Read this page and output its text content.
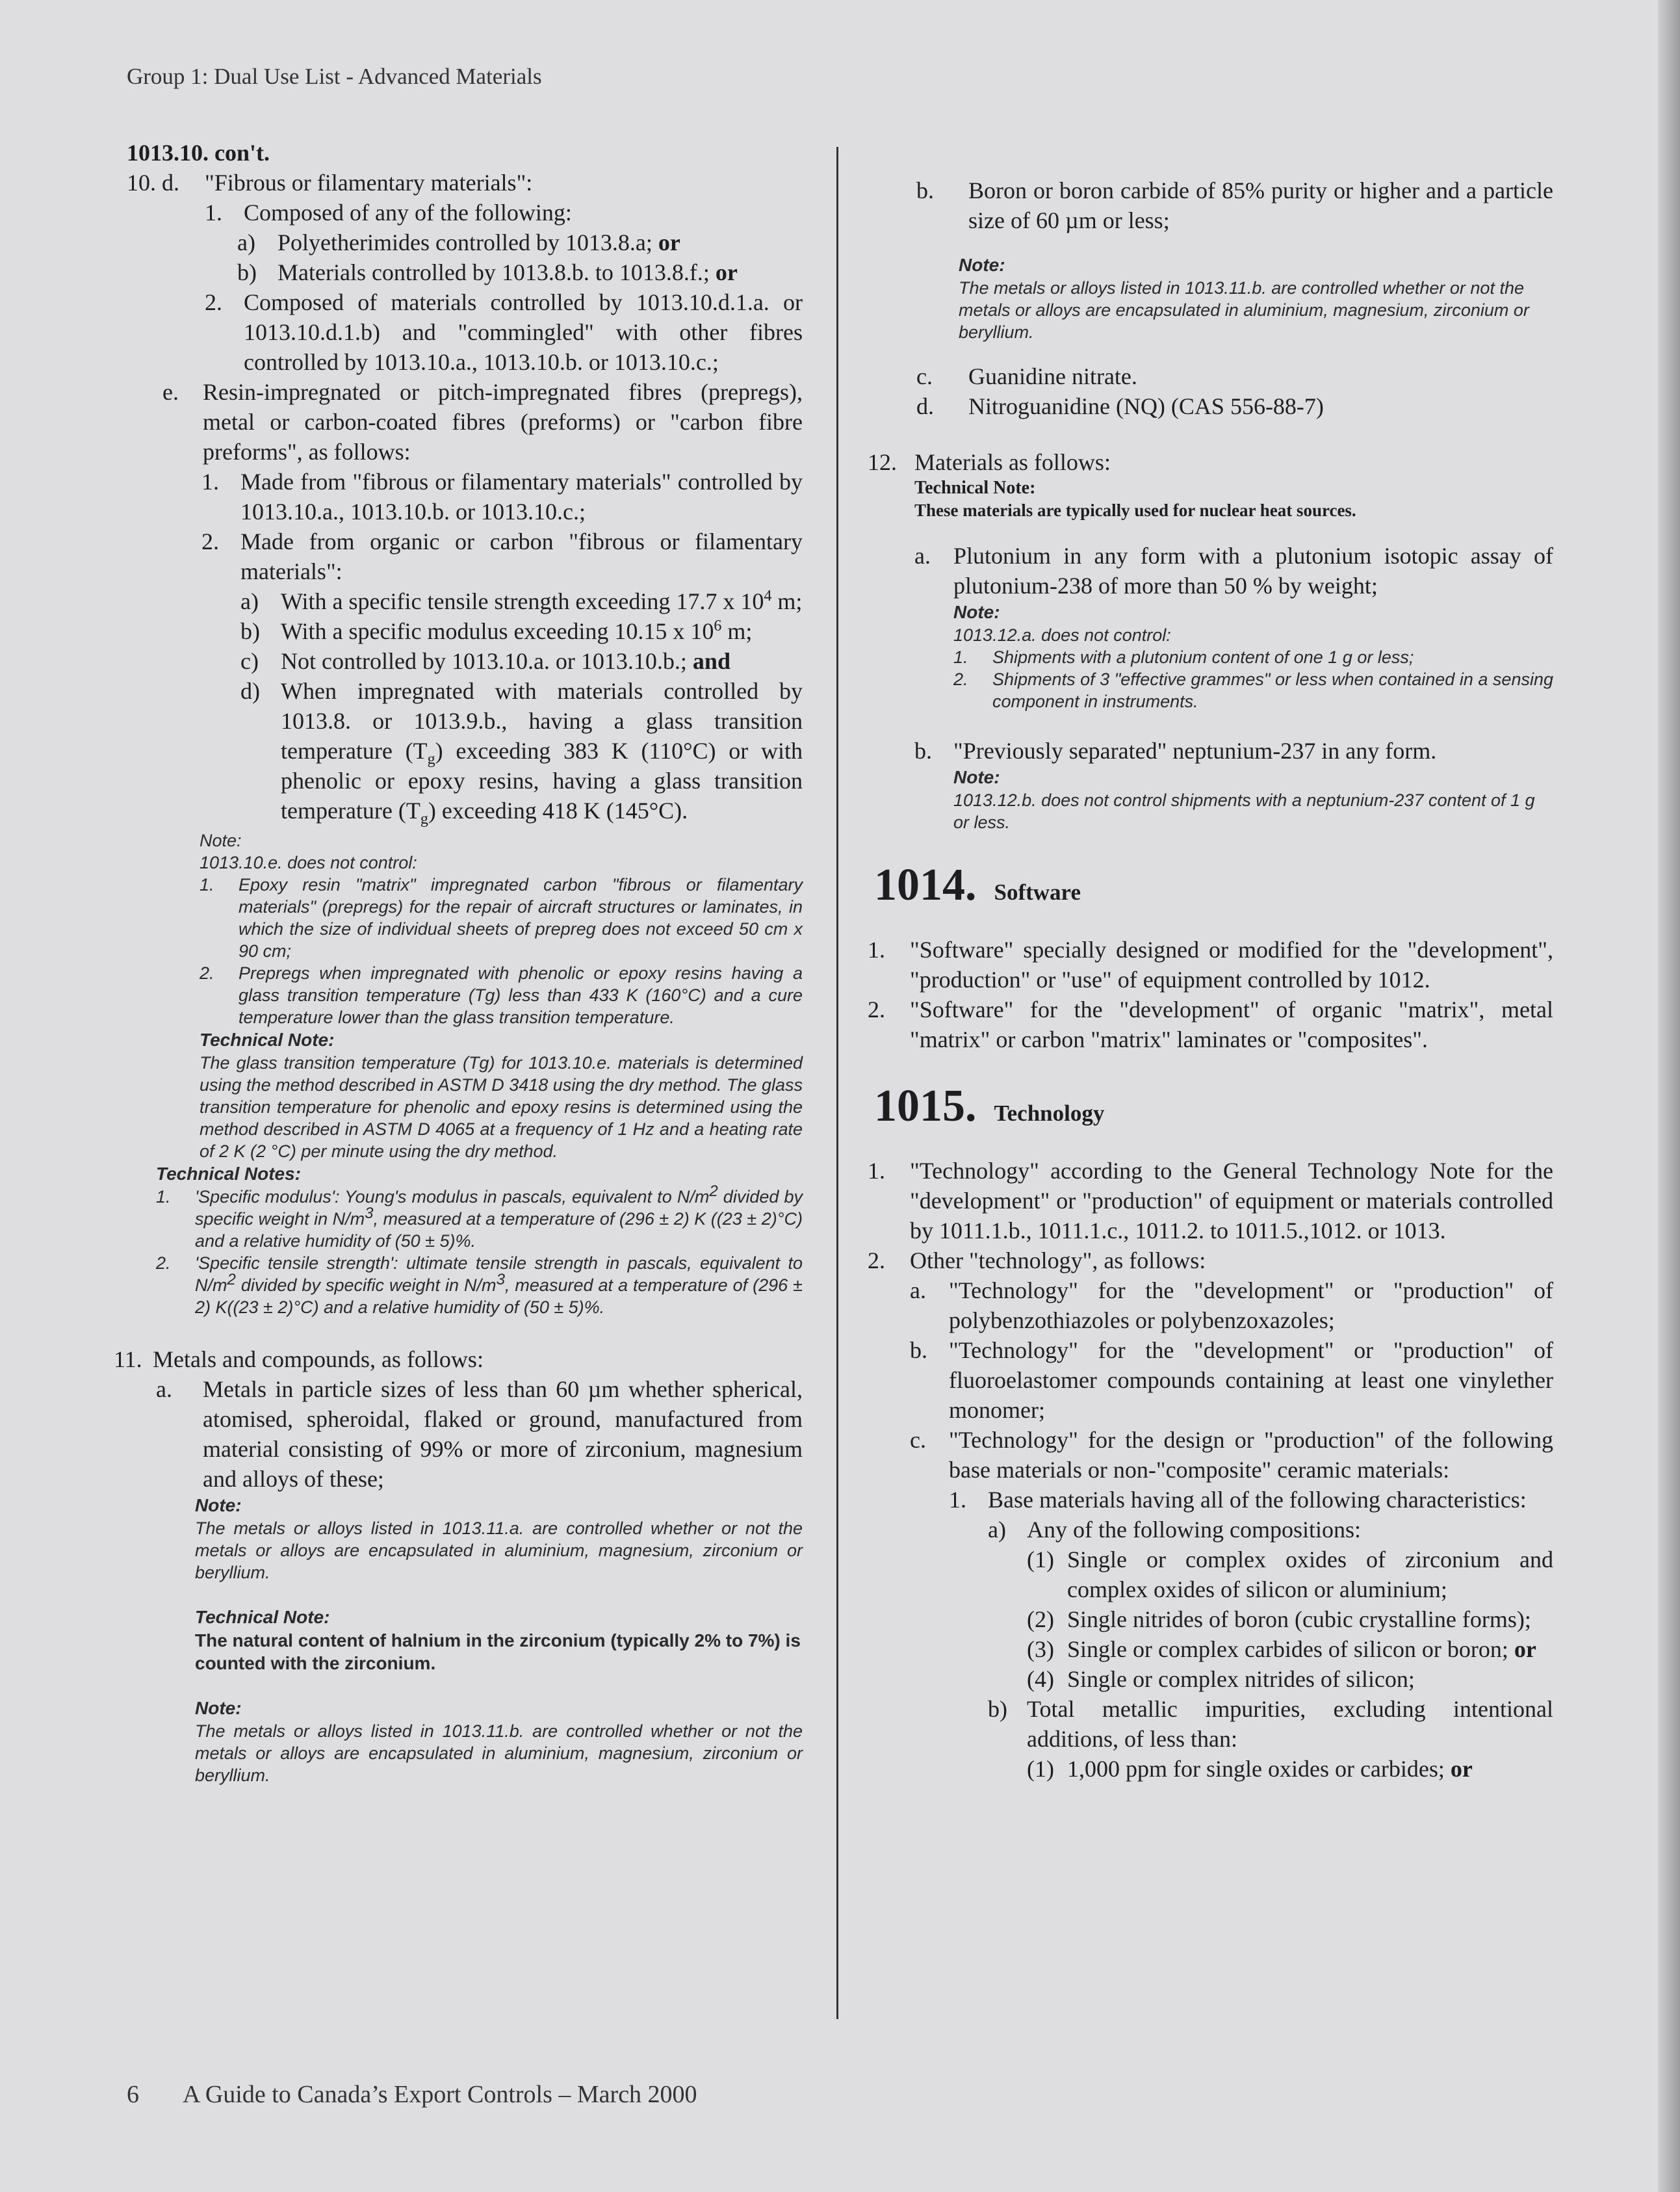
Group 1: Dual Use List - Advanced Materials
1013.10. con't.
10. d.	"Fibrous or filamentary materials":
1. Composed of any of the following:
a) Polyetherimides controlled by 1013.8.a; or
b) Materials controlled by 1013.8.b. to 1013.8.f.; or
2. Composed of materials controlled by 1013.10.d.1.a. or 1013.10.d.1.b) and "commingled" with other fibres controlled by 1013.10.a., 1013.10.b. or 1013.10.c.;
e.	Resin-impregnated or pitch-impregnated fibres (prepregs), metal or carbon-coated fibres (preforms) or "carbon fibre preforms", as follows:
1. Made from "fibrous or filamentary materials" controlled by 1013.10.a., 1013.10.b. or 1013.10.c.;
2. Made from organic or carbon "fibrous or filamentary materials":
a) With a specific tensile strength exceeding 17.7 x $10^4$ m;
b) With a specific modulus exceeding 10.15 x $10^6$ m;
c) Not controlled by 1013.10.a. or 1013.10.b.; and
d) When impregnated with materials controlled by 1013.8. or 1013.9.b., having a glass transition temperature $(T_g)$ exceeding 383 K (110°C) or with phenolic or epoxy resins, having a glass transition temperature $(T_g)$ exceeding 418 K (145°C).
Note:
1013.10.e. does not control:
1.	Epoxy resin "matrix" impregnated carbon "fibrous or filamentary materials" (prepregs) for the repair of aircraft structures or laminates, in which the size of individual sheets of prepreg does not exceed 50 cm x 90 cm;
2.	Prepregs when impregnated with phenolic or epoxy resins having a glass transition temperature (Tg) less than 433 K (160°C) and a cure temperature lower than the glass transition temperature.
Technical Note:
The glass transition temperature (Tg) for 1013.10.e. materials is determined using the method described in ASTM D 3418 using the dry method. The glass transition temperature for phenolic and epoxy resins is determined using the method described in ASTM D 4065 at a frequency of 1 Hz and a heating rate of 2 K (2 °C) per minute using the dry method.
Technical Notes:
1.	'Specific modulus': Young's modulus in pascals, equivalent to $N/m^2$ divided by specific weight in $N/m^3$, measured at a temperature of (296 ± 2) K ((23 ± 2)°C) and a relative humidity of (50 ± 5)%.
2.	'Specific tensile strength': ultimate tensile strength in pascals, equivalent to $N/m^2$ divided by specific weight in $N/m^3$, measured at a temperature of (296 ± 2) K((23 ± 2)°C) and a relative humidity of (50 ± 5)%.
11. Metals and compounds, as follows:
a.	Metals in particle sizes of less than 60 µm whether spherical, atomised, spheroidal, flaked or ground, manufactured from material consisting of 99% or more of zirconium, magnesium and alloys of these;
Note:
The metals or alloys listed in 1013.11.a. are controlled whether or not the metals or alloys are encapsulated in aluminium, magnesium, zirconium or beryllium.
Technical Note:
The natural content of halnium in the zirconium (typically 2% to 7%) is counted with the zirconium.
Note:
The metals or alloys listed in 1013.11.b. are controlled whether or not the metals or alloys are encapsulated in aluminium, magnesium, zirconium or beryllium.
b.	Boron or boron carbide of 85% purity or higher and a particle size of 60 µm or less;
Note:
The metals or alloys listed in 1013.11.b. are controlled whether or not the metals or alloys are encapsulated in aluminium, magnesium, zirconium or beryllium.
c.	Guanidine nitrate.
d.	Nitroguanidine (NQ) (CAS 556-88-7)
12. Materials as follows:
Technical Note:
These materials are typically used for nuclear heat sources.
a. Plutonium in any form with a plutonium isotopic assay of plutonium-238 of more than 50 % by weight;
Note:
1013.12.a. does not control:
1.	Shipments with a plutonium content of one 1 g or less;
2.	Shipments of 3 "effective grammes" or less when contained in a sensing component in instruments.
b. "Previously separated" neptunium-237 in any form.
Note:
1013.12.b. does not control shipments with a neptunium-237 content of 1 g or less.
1014. Software
1.	"Software" specially designed or modified for the "development", "production" or "use" of equipment controlled by 1012.
2.	"Software" for the "development" of organic "matrix", metal "matrix" or carbon "matrix" laminates or "composites".
1015. Technology
1.	"Technology" according to the General Technology Note for the "development" or "production" of equipment or materials controlled by 1011.1.b., 1011.1.c., 1011.2. to 1011.5.,1012. or 1013.
2.	Other "technology", as follows:
a. "Technology" for the "development" or "production" of polybenzothiazoles or polybenzoxazoles;
b. "Technology" for the "development" or "production" of fluoroelastomer compounds containing at least one vinylether monomer;
c. "Technology" for the design or "production" of the following base materials or non-"composite" ceramic materials:
1. Base materials having all of the following characteristics:
a) Any of the following compositions:
(1) Single or complex oxides of zirconium and complex oxides of silicon or aluminium;
(2) Single nitrides of boron (cubic crystalline forms);
(3) Single or complex carbides of silicon or boron; or
(4) Single or complex nitrides of silicon;
b) Total metallic impurities, excluding intentional additions, of less than:
(1) 1,000 ppm for single oxides or carbides; or
6 A Guide to Canada’s Export Controls – March 2000
